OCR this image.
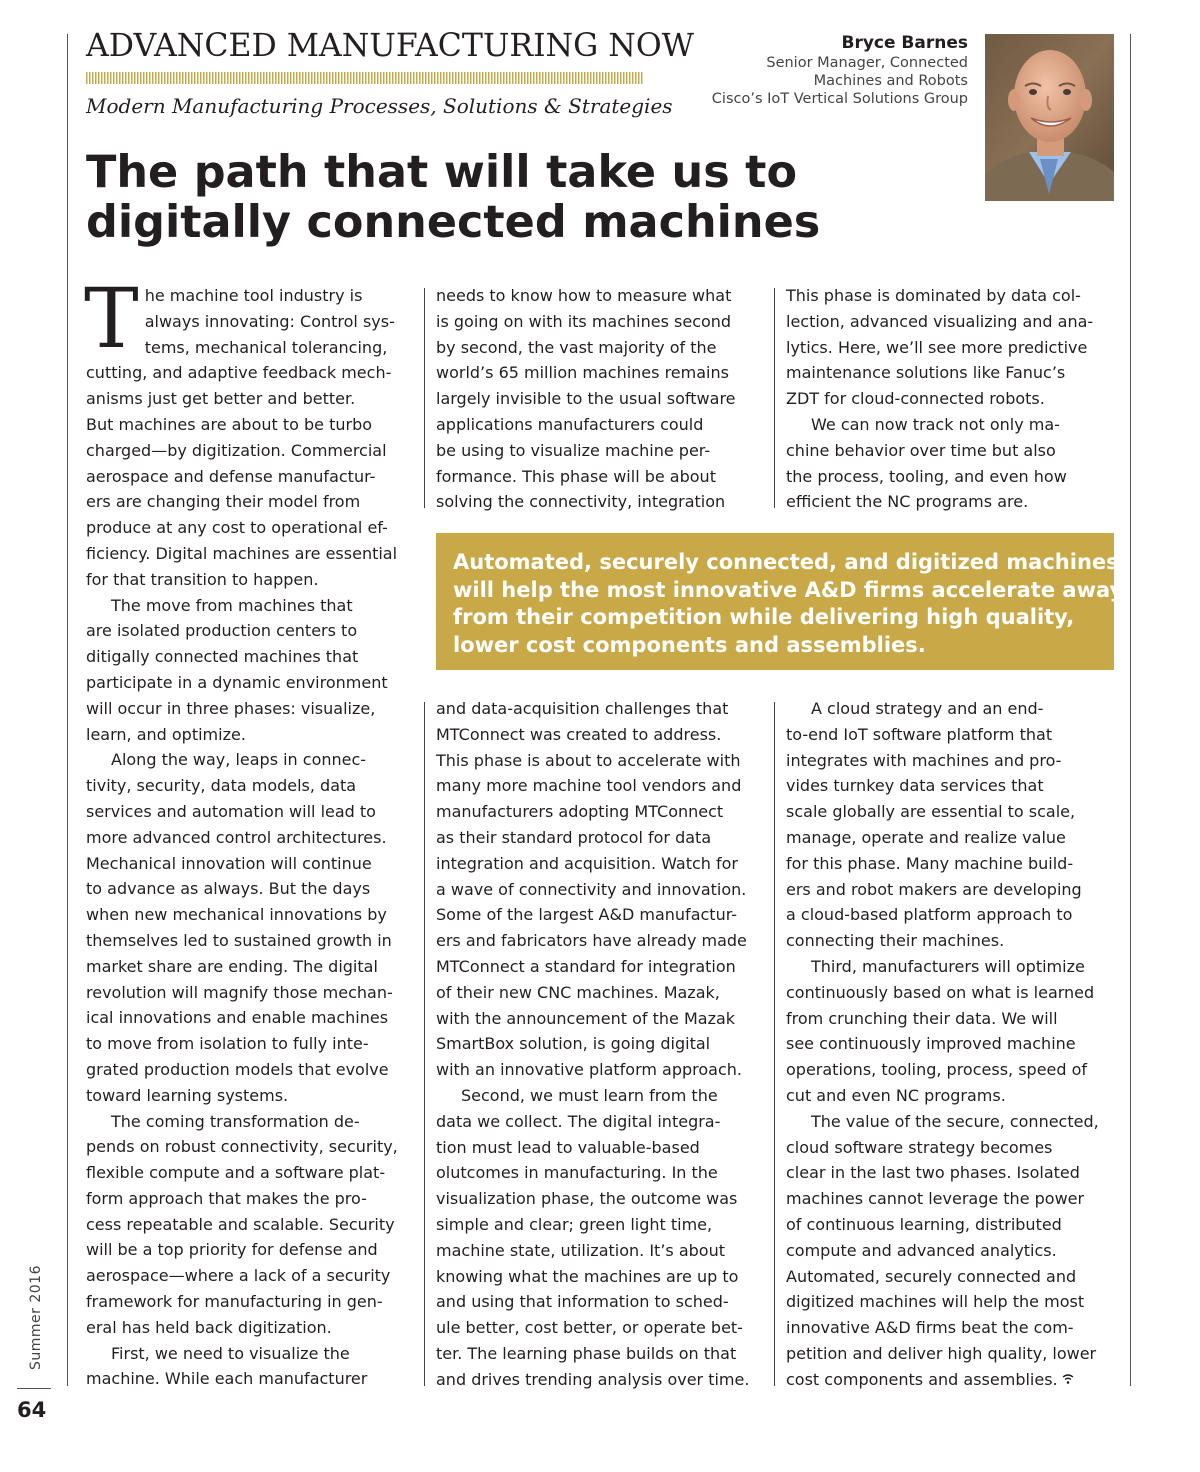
ADVANCED MANUFACTURING NOW
Modern Manufacturing Processes, Solutions & Strategies
Bryce Barnes
Senior Manager, Connected
Machines and Robots
Cisco’s IoT Vertical Solutions Group
The path that will take us to
digitally connected machines
T he machine tool industry is

always innovating: Control sys-

tems, mechanical tolerancing,

cutting, and adaptive feedback mech-

anisms just get better and better.

But machines are about to be turbo

charged—by digitization. Commercial

aerospace and defense manufactur-

ers are changing their model from

produce at any cost to operational ef-

ficiency. Digital machines are essential

for that transition to happen.

The move from machines that

are isolated production centers to

ditigally connected machines that

participate in a dynamic environment

will occur in three phases: visualize,

learn, and optimize.

Along the way, leaps in connec-

tivity, security, data models, data

services and automation will lead to

more advanced control architectures.

Mechanical innovation will continue

to advance as always. But the days

when new mechanical innovations by

themselves led to sustained growth in

market share are ending. The digital

revolution will magnify those mechan-

ical innovations and enable machines

to move from isolation to fully inte-

grated production models that evolve

toward learning systems.

The coming transformation de-

pends on robust connectivity, security,

flexible compute and a software plat-

form approach that makes the pro-

cess repeatable and scalable. Security

will be a top priority for defense and

aerospace—where a lack of a security

framework for manufacturing in gen-

eral has held back digitization.

First, we need to visualize the

machine. While each manufacturer

needs to know how to measure what

is going on with its machines second

by second, the vast majority of the

world’s 65 million machines remains

largely invisible to the usual software

applications manufacturers could

be using to visualize machine per-

formance. This phase will be about

solving the connectivity, integration

This phase is dominated by data col-

lection, advanced visualizing and ana-

lytics. Here, we’ll see more predictive

maintenance solutions like Fanuc’s

ZDT for cloud-connected robots.

We can now track not only ma-

chine behavior over time but also

the process, tooling, and even how

efficient the NC programs are.

Automated, securely connected, and digitized machines
will help the most innovative A&D firms accelerate away
from their competition while delivering high quality,
lower cost components and assemblies.

and data-acquisition challenges that

MTConnect was created to address.

This phase is about to accelerate with

many more machine tool vendors and

manufacturers adopting MTConnect

as their standard protocol for data

integration and acquisition. Watch for

a wave of connectivity and innovation.

Some of the largest A&D manufactur-

ers and fabricators have already made

MTConnect a standard for integration

of their new CNC machines. Mazak,

with the announcement of the Mazak

SmartBox solution, is going digital

with an innovative platform approach.

Second, we must learn from the

data we collect. The digital integra-

tion must lead to valuable-based

olutcomes in manufacturing. In the

visualization phase, the outcome was

simple and clear; green light time,

machine state, utilization. It’s about

knowing what the machines are up to

and using that information to sched-

ule better, cost better, or operate bet-

ter. The learning phase builds on that

and drives trending analysis over time.

A cloud strategy and an end-

to-end IoT software platform that

integrates with machines and pro-

vides turnkey data services that

scale globally are essential to scale,

manage, operate and realize value

for this phase. Many machine build-

ers and robot makers are developing

a cloud-based platform approach to

connecting their machines.

Third, manufacturers will optimize

continuously based on what is learned

from crunching their data. We will

see continuously improved machine

operations, tooling, process, speed of

cut and even NC programs.

The value of the secure, connected,

cloud software strategy becomes

clear in the last two phases. Isolated

machines cannot leverage the power

of continuous learning, distributed

compute and advanced analytics.

Automated, securely connected and

digitized machines will help the most

innovative A&D firms beat the com-

petition and deliver high quality, lower

cost components and assemblies.

Summer 2016
64
